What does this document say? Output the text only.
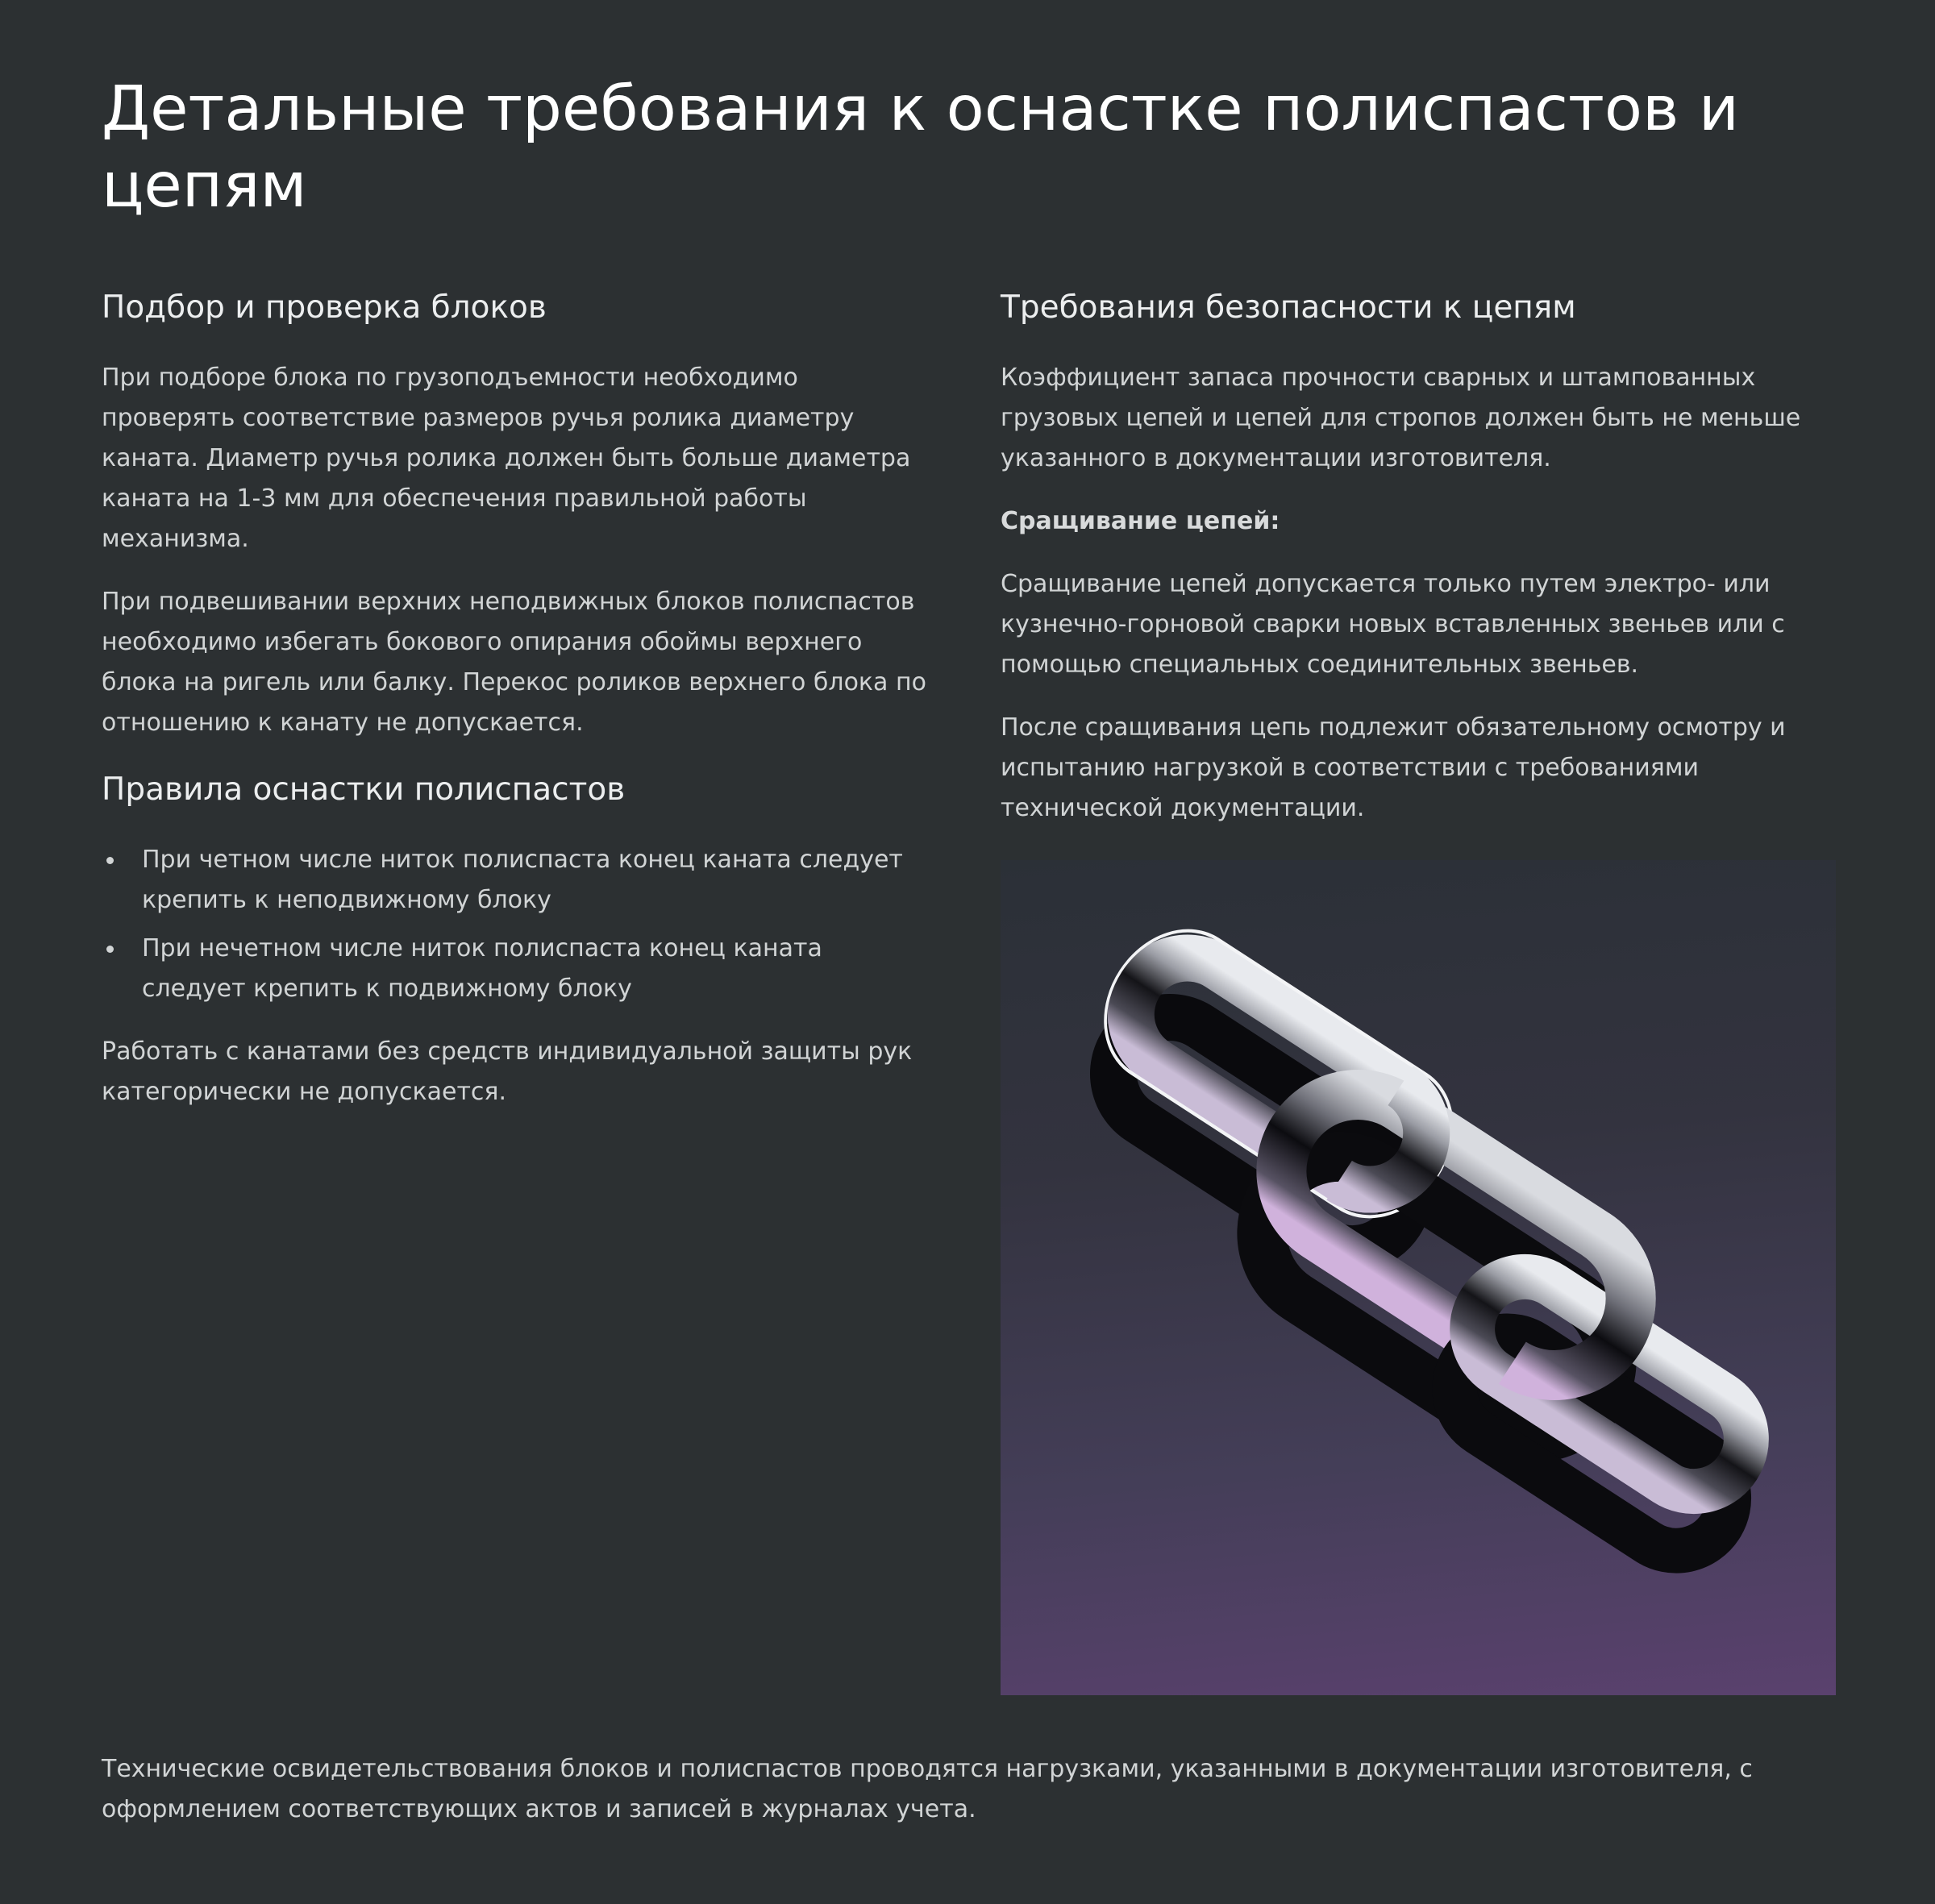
Детальные требования к оснастке полиспастов и цепям
Подбор и проверка блоков

При подборе блока по грузоподъемности необходимо проверять соответствие размеров ручья ролика диаметру каната. Диаметр ручья ролика должен быть больше диаметра каната на 1-3 мм для обеспечения правильной работы механизма.

При подвешивании верхних неподвижных блоков полиспастов необходимо избегать бокового опирания обоймы верхнего блока на ригель или балку. Перекос роликов верхнего блока по отношению к канату не допускается.

Правила оснастки полиспастов
При четном числе ниток полиспаста конец каната следует крепить к неподвижному блоку
При нечетном числе ниток полиспаста конец каната следует крепить к подвижному блоку

Работать с канатами без средств индивидуальной защиты рук категорически не допускается.

Требования безопасности к цепям

Коэффициент запаса прочности сварных и штампованных грузовых цепей и цепей для стропов должен быть не меньше указанного в документации изготовителя.

Сращивание цепей:

Сращивание цепей допускается только путем электро- или кузнечно-горновой сварки новых вставленных звеньев или с помощью специальных соединительных звеньев.

После сращивания цепь подлежит обязательному осмотру и испытанию нагрузкой в соответствии с требованиями технической документации.

Технические освидетельствования блоков и полиспастов проводятся нагрузками, указанными в документации изготовителя, с оформлением соответствующих актов и записей в журналах учета.
